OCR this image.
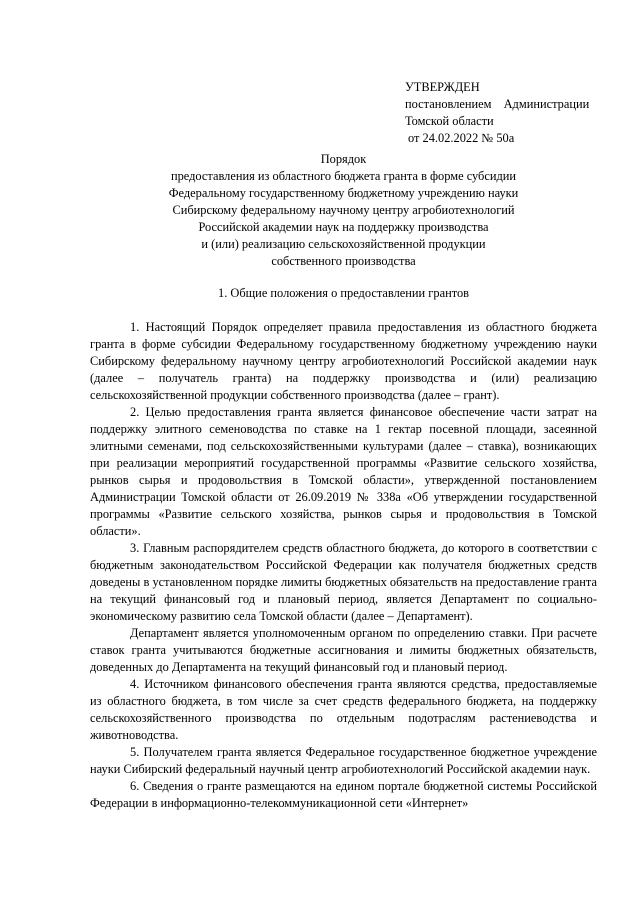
УТВЕРЖДЕН
постановлением Администрации
Томской области
от 24.02.2022 № 50а
Порядок
предоставления из областного бюджета гранта в форме субсидии
Федеральному государственному бюджетному учреждению науки
Сибирскому федеральному научному центру агробиотехнологий
Российской академии наук на поддержку производства
и (или) реализацию сельскохозяйственной продукции
собственного производства
1. Общие положения о предоставлении грантов

1. Настоящий Порядок определяет правила предоставления из областного бюджета гранта в форме субсидии Федеральному государственному бюджетному учреждению науки Сибирскому федеральному научному центру агробиотехнологий Российской академии наук (далее – получатель гранта) на поддержку производства и (или) реализацию сельскохозяйственной продукции собственного производства (далее – грант).

2. Целью предоставления гранта является финансовое обеспечение части затрат на поддержку элитного семеноводства по ставке на 1 гектар посевной площади, засеянной элитными семенами, под сельскохозяйственными культурами (далее – ставка), возникающих при реализации мероприятий государственной программы «Развитие сельского хозяйства, рынков сырья и продовольствия в Томской области», утвержденной постановлением Администрации Томской области от 26.09.2019 № 338а «Об утверждении государственной программы «Развитие сельского хозяйства, рынков сырья и продовольствия в Томской области».

3. Главным распорядителем средств областного бюджета, до которого в соответствии с бюджетным законодательством Российской Федерации как получателя бюджетных средств доведены в установленном порядке лимиты бюджетных обязательств на предоставление гранта на текущий финансовый год и плановый период, является Департамент по социально-экономическому развитию села Томской области (далее – Департамент).

Департамент является уполномоченным органом по определению ставки. При расчете ставок гранта учитываются бюджетные ассигнования и лимиты бюджетных обязательств, доведенных до Департамента на текущий финансовый год и плановый период.

4. Источником финансового обеспечения гранта являются средства, предоставляемые из областного бюджета, в том числе за счет средств федерального бюджета, на поддержку сельскохозяйственного производства по отдельным подотраслям растениеводства и животноводства.

5. Получателем гранта является Федеральное государственное бюджетное учреждение науки Сибирский федеральный научный центр агробиотехнологий Российской академии наук.

6. Сведения о гранте размещаются на едином портале бюджетной системы Российской Федерации в информационно-телекоммуникационной сети «Интернет»
